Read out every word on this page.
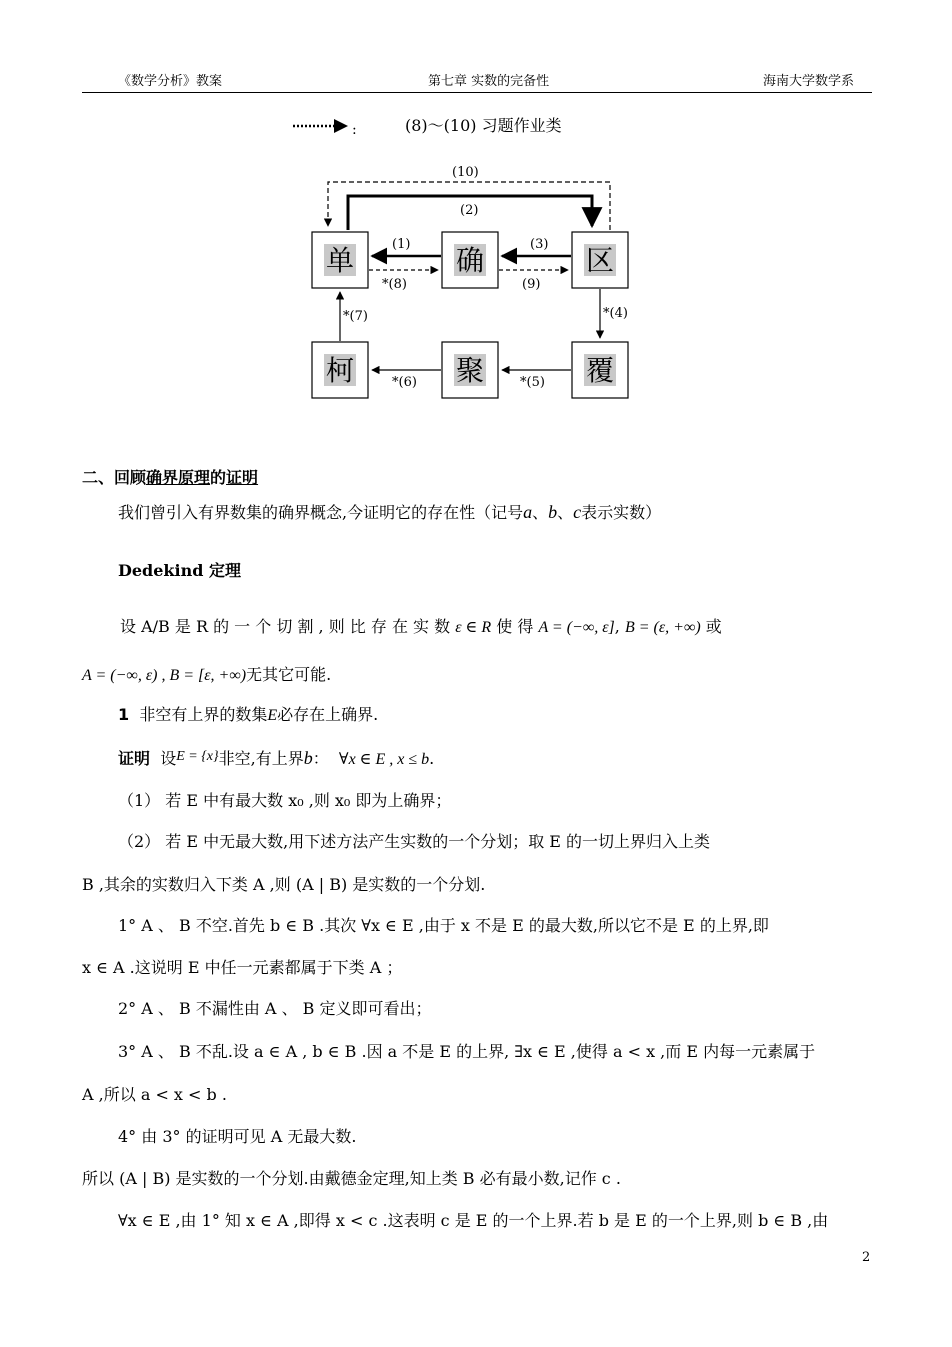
《数学分析》教案	第七章 实数的完备性	海南大学数学系
:	(8)～(10) 习题作业类
(10)
(2)
单	确	区
柯	聚	覆
(1)
*(8)
(3)
(9)
*(4)
*(5)
*(6)
*(7)
二、回顾确界原理的证明
我们曾引入有界数集的确界概念,今证明它的存在性（记号a、b、c表示实数）
Dedekind 定理
设 A/B 是 R 的 一 个 切 割 , 则 比 存 在 实 数 ε ∈ R 使 得 A = (−∞, ε], B = (ε, +∞) 或
A = (−∞, ε) , B = [ε, +∞)无其它可能.
1 非空有上界的数集E必存在上确界.
证明 设E = {x}非空,有上界b： ∀x ∈ E , x ≤ b.
（1） 若 E 中有最大数 x₀ ,则 x₀ 即为上确界；
（2） 若 E 中无最大数,用下述方法产生实数的一个分划；取 E 的一切上界归入上类
B ,其余的实数归入下类 A ,则 (A | B) 是实数的一个分划.
1° A 、 B 不空.首先 b ∈ B .其次 ∀x ∈ E ,由于 x 不是 E 的最大数,所以它不是 E 的上界,即
x ∈ A .这说明 E 中任一元素都属于下类 A ；
2° A 、 B 不漏性由 A 、 B 定义即可看出；
3° A 、 B 不乱.设 a ∈ A , b ∈ B .因 a 不是 E 的上界, ∃x ∈ E ,使得 a < x ,而 E 内每一元素属于
A ,所以 a < x < b .
4° 由 3° 的证明可见 A 无最大数.
所以 (A | B) 是实数的一个分划.由戴德金定理,知上类 B 必有最小数,记作 c .
∀x ∈ E ,由 1° 知 x ∈ A ,即得 x < c .这表明 c 是 E 的一个上界.若 b 是 E 的一个上界,则 b ∈ B ,由
2
